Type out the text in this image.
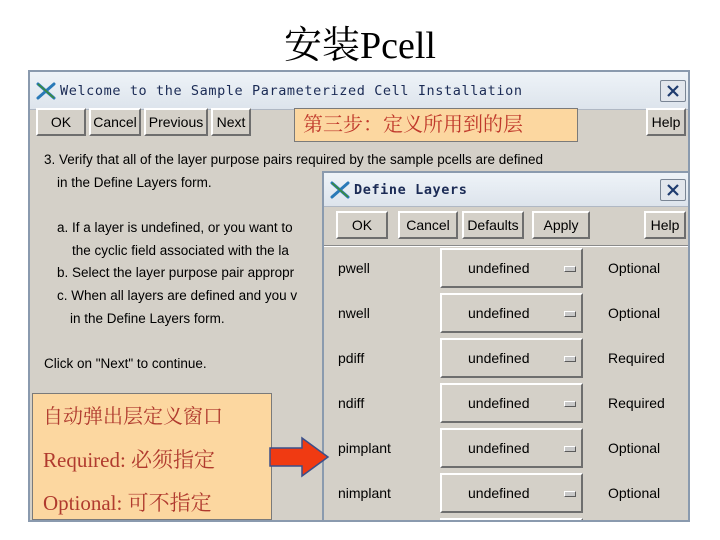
安装Pcell
Welcome to the Sample Parameterized Cell Installation
OK	Cancel Previous Next	Help
第三步：定义所用到的层
3. Verify that all of the layer purpose pairs required by the sample pcells are defined
in the Define Layers form.
a. If a layer is undefined, or you want to
the cyclic field associated with the la
b. Select the layer purpose pair appropr
c. When all layers are defined and you v
in the Define Layers form.
Click on "Next" to continue.
自动弹出层定义窗口
Required: 必须指定
Optional: 可不指定
Define Layers
OK	Cancel	Defaults	Apply	Help
pwell	undefined	Optional
nwell	undefined	Optional
pdiff	undefined	Required
ndiff	undefined	Required
pimplant	undefined	Optional
nimplant	undefined	Optional
